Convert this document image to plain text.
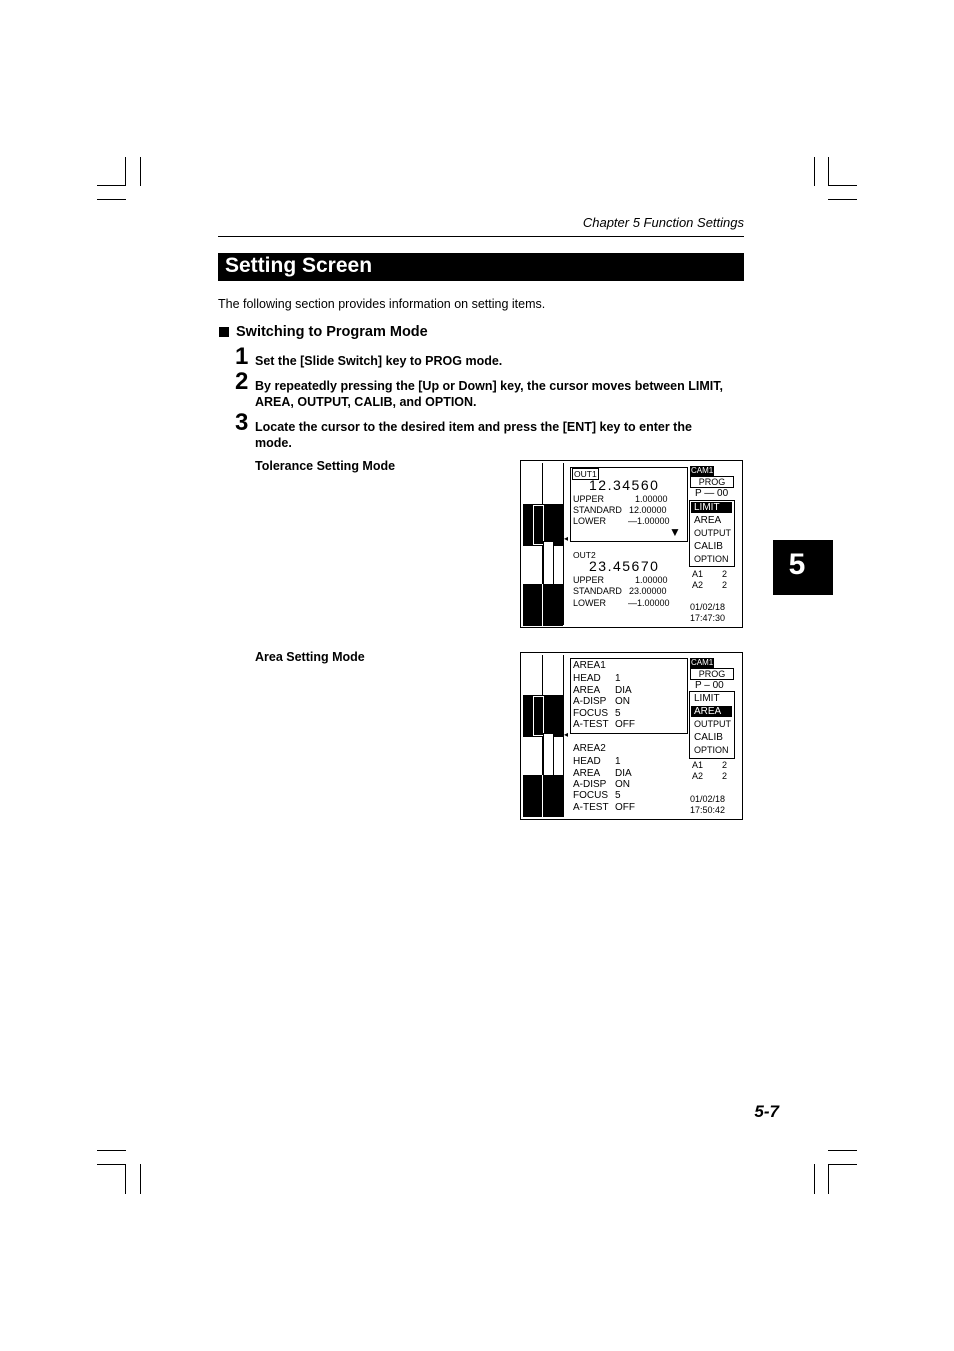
Chapter 5 Function Settings
Setting Screen
The following section provides information on setting items.
Switching to Program Mode
1 Set the [Slide Switch] key to PROG mode.
2 By repeatedly pressing the [Up or Down] key, the cursor moves between LIMIT, AREA, OUTPUT, CALIB, and OPTION.
3 Locate the cursor to the desired item and press the [ENT] key to enter the mode.
Tolerance Setting Mode
◂
OUT1
12.34560
UPPER	1.00000
STANDARD 12.00000
LOWER —1.00000
▼
OUT2
23.45670
UPPER	1.00000
STANDARD 23.00000
LOWER —1.00000
CAM1
PROG
P — 00
LIMIT
AREA
OUTPUT
CALIB
OPTION
A1 2
A2 2
01/02/18
17:47:30
Area Setting Mode
◂
AREA1
HEAD 1
AREA DIA
A-DISP ON
FOCUS 5
A-TEST OFF
AREA2
HEAD 1
AREA DIA
A-DISP ON
FOCUS 5
A-TEST OFF
CAM1
PROG
P – 00
LIMIT
AREA
OUTPUT
CALIB
OPTION
A1 2
A2 2
01/02/18
17:50:42
5
5-7
